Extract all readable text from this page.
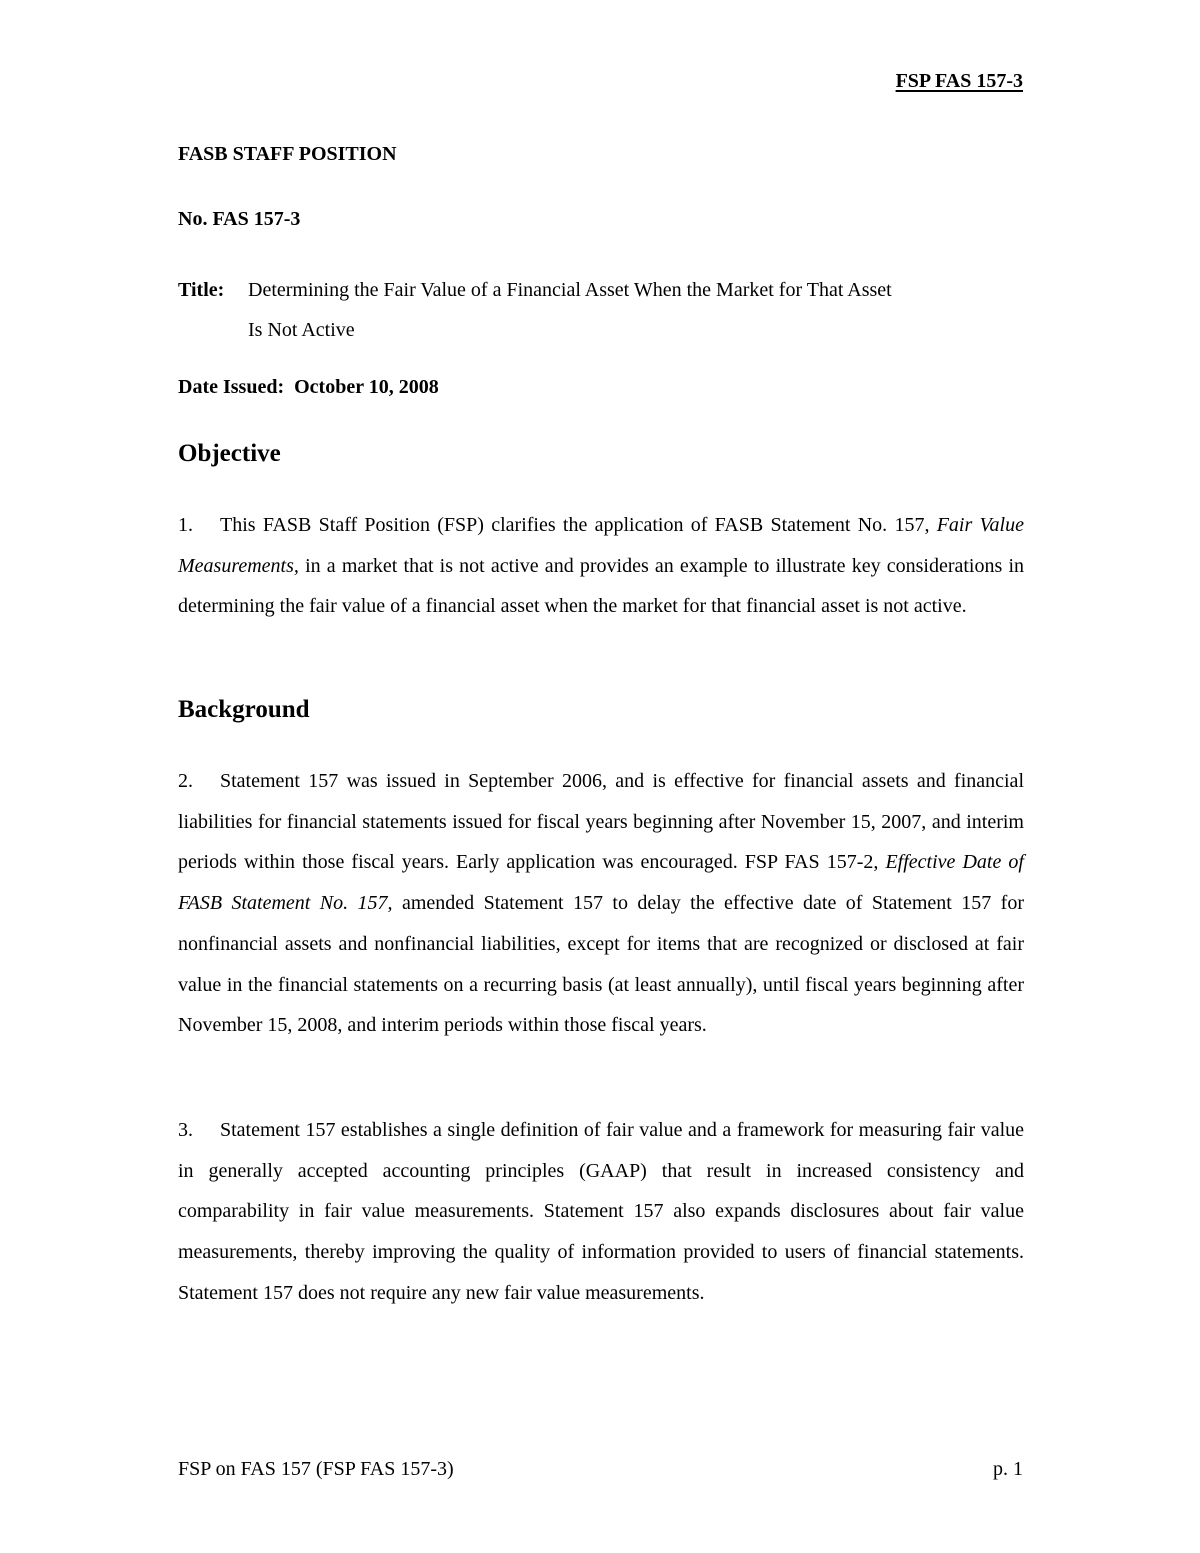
FSP FAS 157-3
FASB STAFF POSITION
No. FAS 157-3
Title:	Determining the Fair Value of a Financial Asset When the Market for That Asset
Is Not Active
Date Issued: October 10, 2008
Objective

1. This FASB Staff Position (FSP) clarifies the application of FASB Statement No. 157, Fair Value Measurements, in a market that is not active and provides an example to illustrate key considerations in determining the fair value of a financial asset when the market for that financial asset is not active.

Background

2. Statement 157 was issued in September 2006, and is effective for financial assets and financial liabilities for financial statements issued for fiscal years beginning after November 15, 2007, and interim periods within those fiscal years. Early application was encouraged. FSP FAS 157-2, Effective Date of FASB Statement No. 157, amended Statement 157 to delay the effective date of Statement 157 for nonfinancial assets and nonfinancial liabilities, except for items that are recognized or disclosed at fair value in the financial statements on a recurring basis (at least annually), until fiscal years beginning after November 15, 2008, and interim periods within those fiscal years.

3. Statement 157 establishes a single definition of fair value and a framework for measuring fair value in generally accepted accounting principles (GAAP) that result in increased consistency and comparability in fair value measurements. Statement 157 also expands disclosures about fair value measurements, thereby improving the quality of information provided to users of financial statements. Statement 157 does not require any new fair value measurements.

FSP on FAS 157 (FSP FAS 157-3)	p. 1
